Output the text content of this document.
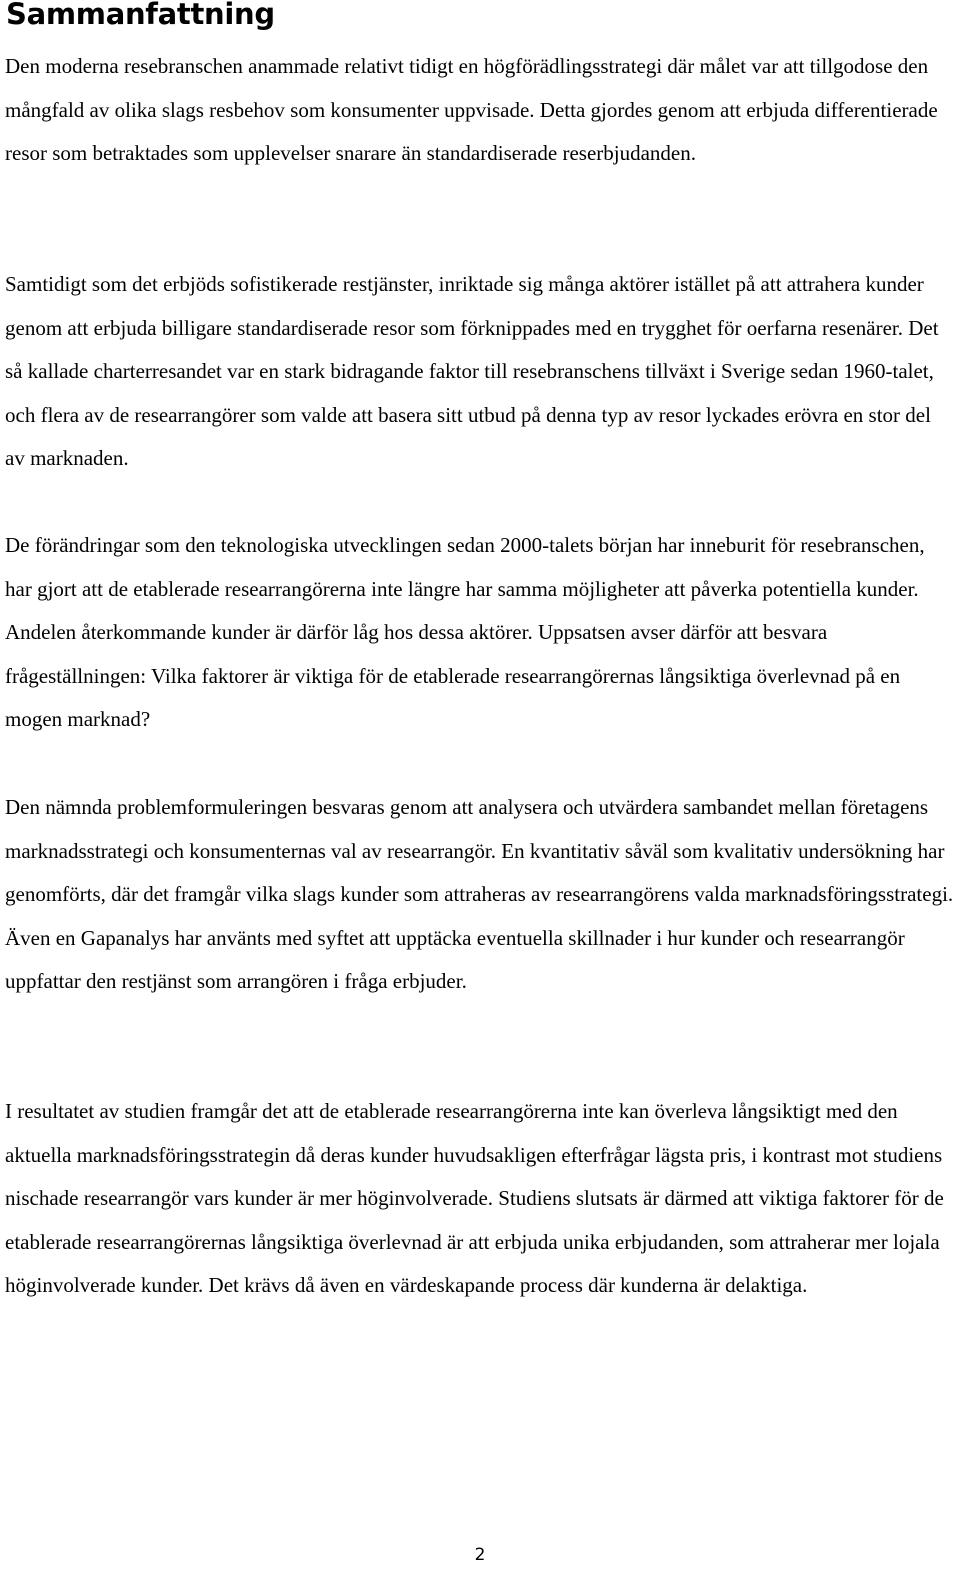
Sammanfattning

Den moderna resebranschen anammade relativt tidigt en högförädlingsstrategi där målet var att tillgodose den mångfald av olika slags resbehov som konsumenter uppvisade. Detta gjordes genom att erbjuda differentierade resor som betraktades som upplevelser snarare än standardiserade reserbjudanden.

Samtidigt som det erbjöds sofistikerade restjänster, inriktade sig många aktörer istället på att attrahera kunder genom att erbjuda billigare standardiserade resor som förknippades med en trygghet för oerfarna resenärer. Det så kallade charterresandet var en stark bidragande faktor till resebranschens tillväxt i Sverige sedan 1960-talet, och flera av de researrangörer som valde att basera sitt utbud på denna typ av resor lyckades erövra en stor del av marknaden.

De förändringar som den teknologiska utvecklingen sedan 2000-talets början har inneburit för resebranschen, har gjort att de etablerade researrangörerna inte längre har samma möjligheter att påverka potentiella kunder. Andelen återkommande kunder är därför låg hos dessa aktörer. Uppsatsen avser därför att besvara frågeställningen: Vilka faktorer är viktiga för de etablerade researrangörernas långsiktiga överlevnad på en mogen marknad?

Den nämnda problemformuleringen besvaras genom att analysera och utvärdera sambandet mellan företagens marknadsstrategi och konsumenternas val av researrangör. En kvantitativ såväl som kvalitativ undersökning har genomförts, där det framgår vilka slags kunder som attraheras av researrangörens valda marknadsföringsstrategi. Även en Gapanalys har använts med syftet att upptäcka eventuella skillnader i hur kunder och researrangör uppfattar den restjänst som arrangören i fråga erbjuder.

I resultatet av studien framgår det att de etablerade researrangörerna inte kan överleva långsiktigt med den aktuella marknadsföringsstrategin då deras kunder huvudsakligen efterfrågar lägsta pris, i kontrast mot studiens nischade researrangör vars kunder är mer höginvolverade. Studiens slutsats är därmed att viktiga faktorer för de etablerade researrangörernas långsiktiga överlevnad är att erbjuda unika erbjudanden, som attraherar mer lojala höginvolverade kunder. Det krävs då även en värdeskapande process där kunderna är delaktiga.

2
